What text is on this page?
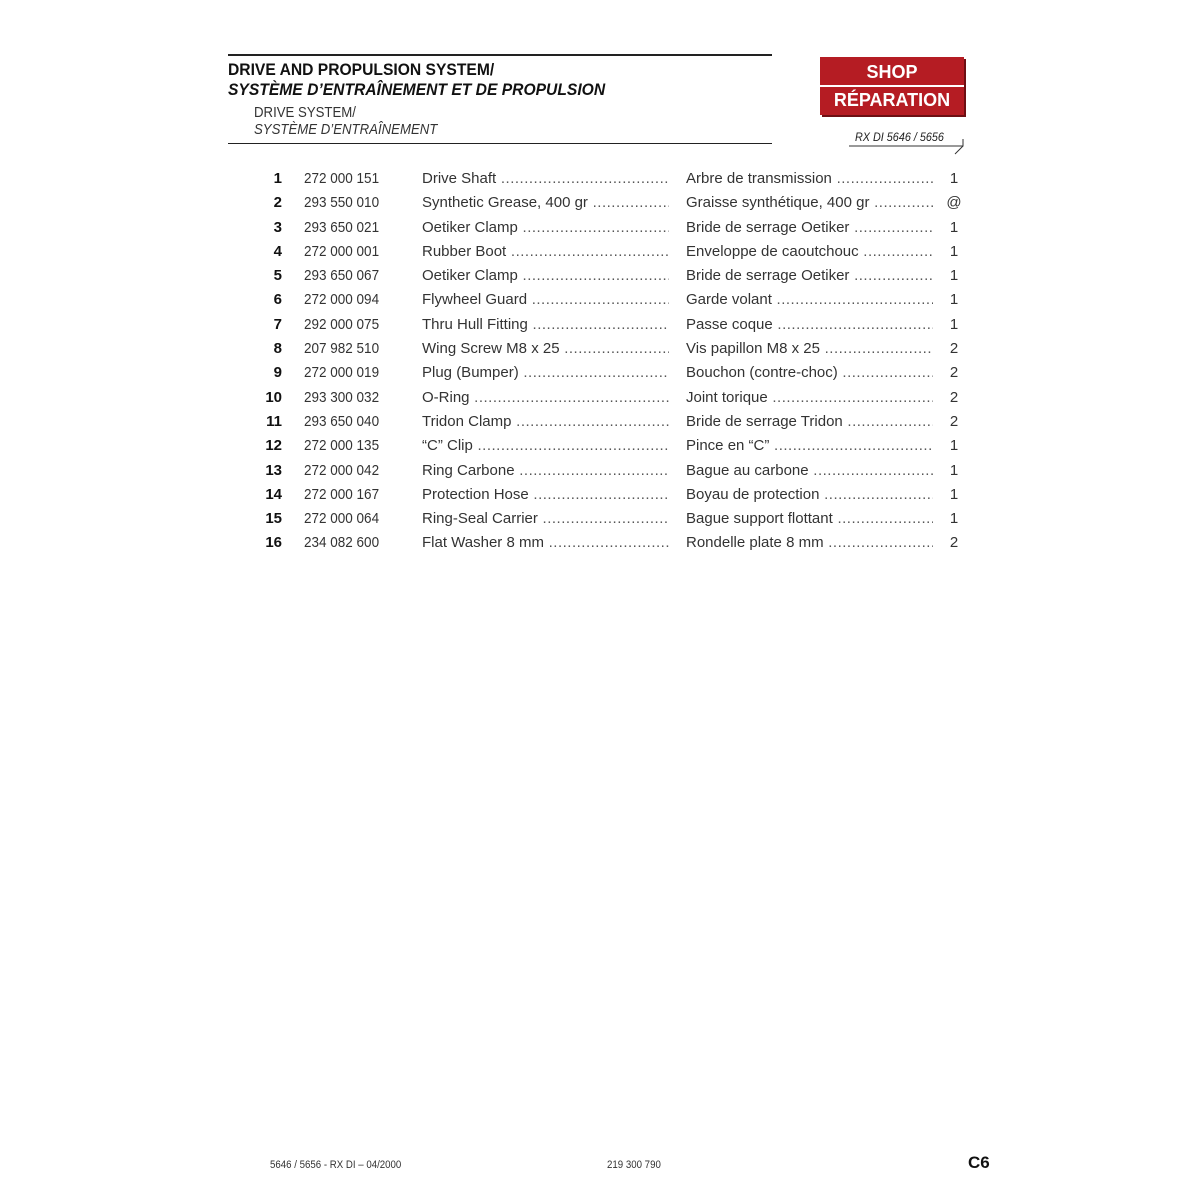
DRIVE AND PROPULSION SYSTEM/
SYSTÈME D’ENTRAÎNEMENT ET DE PROPULSION
DRIVE SYSTEM/
SYSTÈME D’ENTRAÎNEMENT
SHOP
RÉPARATION
RX DI 5646 / 5656
1 272 000 151	Drive Shaft .....	Arbre de transmission .....	1
2 293 550 010	Synthetic Grease, 400 gr .....	Graisse synthétique, 400 gr .....	@
3 293 650 021	Oetiker Clamp .....	Bride de serrage Oetiker .....	1
4 272 000 001	Rubber Boot .....	Enveloppe de caoutchouc .....	1
5 293 650 067	Oetiker Clamp .....	Bride de serrage Oetiker .....	1
6 272 000 094	Flywheel Guard .....	Garde volant .....	1
7 292 000 075	Thru Hull Fitting .....	Passe coque .....	1
8 207 982 510	Wing Screw M8 x 25 .....	Vis papillon M8 x 25 .....	2
9 272 000 019	Plug (Bumper) .....	Bouchon (contre-choc) .....	2
10 293 300 032	O-Ring .....	Joint torique .....	2
11 293 650 040	Tridon Clamp .....	Bride de serrage Tridon .....	2
12 272 000 135	“C” Clip .....	Pince en “C” .....	1
13 272 000 042	Ring Carbone .....	Bague au carbone .....	1
14 272 000 167	Protection Hose .....	Boyau de protection .....	1
15 272 000 064	Ring-Seal Carrier .....	Bague support flottant .....	1
16 234 082 600	Flat Washer 8 mm .....	Rondelle plate 8 mm .....	2
5646 / 5656 - RX DI – 04/2000	219 300 790	C6
